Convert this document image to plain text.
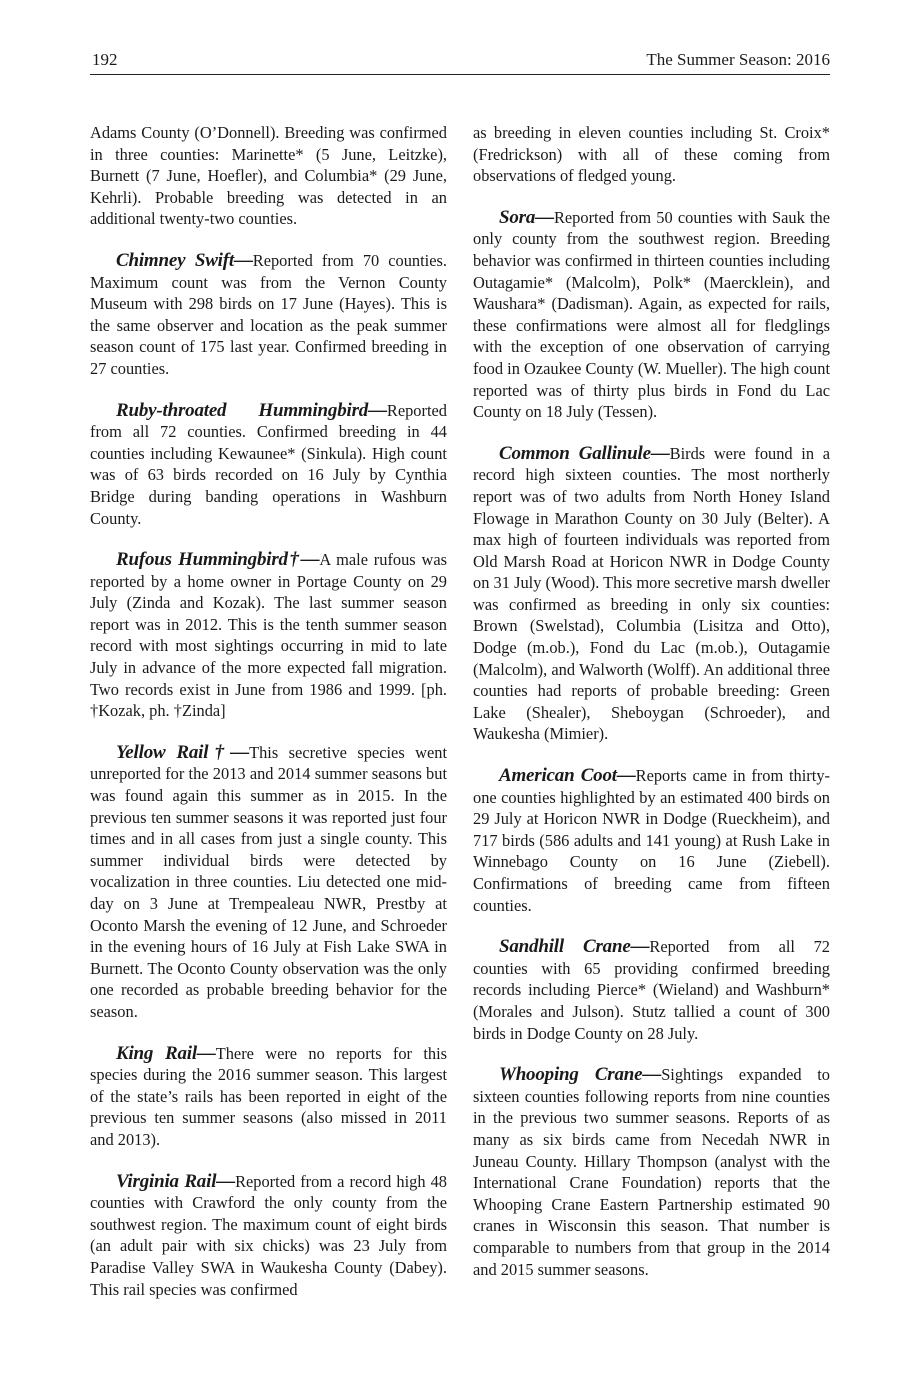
192	The Summer Season: 2016

Adams County (O’Donnell). Breeding was confirmed in three counties: Marinette* (5 June, Leitzke), Burnett (7 June, Hoefler), and Columbia* (29 June, Kehrli). Probable breeding was detected in an additional twenty-two counties.

Chimney Swift—Reported from 70 counties. Maximum count was from the Vernon County Museum with 298 birds on 17 June (Hayes). This is the same observer and location as the peak summer season count of 175 last year. Confirmed breeding in 27 counties.

Ruby-throated Hummingbird—Reported from all 72 counties. Confirmed breeding in 44 counties including Kewaunee* (Sinkula). High count was of 63 birds recorded on 16 July by Cynthia Bridge during banding operations in Washburn County.

Rufous Hummingbird†—A male rufous was reported by a home owner in Portage County on 29 July (Zinda and Kozak). The last summer season report was in 2012. This is the tenth summer season record with most sightings occurring in mid to late July in advance of the more expected fall migration. Two records exist in June from 1986 and 1999. [ph. †Kozak, ph. †Zinda]

Yellow Rail†—This secretive species went unreported for the 2013 and 2014 summer seasons but was found again this summer as in 2015. In the previous ten summer seasons it was reported just four times and in all cases from just a single county. This summer individual birds were detected by vocalization in three counties. Liu detected one mid-day on 3 June at Trempealeau NWR, Prestby at Oconto Marsh the evening of 12 June, and Schroeder in the evening hours of 16 July at Fish Lake SWA in Burnett. The Oconto County observation was the only one recorded as probable breeding behavior for the season.

King Rail—There were no reports for this species during the 2016 summer season. This largest of the state’s rails has been reported in eight of the previous ten summer seasons (also missed in 2011 and 2013).

Virginia Rail—Reported from a record high 48 counties with Crawford the only county from the southwest region. The maximum count of eight birds (an adult pair with six chicks) was 23 July from Paradise Valley SWA in Waukesha County (Dabey). This rail species was confirmed

as breeding in eleven counties including St. Croix* (Fredrickson) with all of these coming from observations of fledged young.

Sora—Reported from 50 counties with Sauk the only county from the southwest region. Breeding behavior was confirmed in thirteen counties including Outagamie* (Malcolm), Polk* (Maercklein), and Waushara* (Dadisman). Again, as expected for rails, these confirmations were almost all for fledglings with the exception of one observation of carrying food in Ozaukee County (W. Mueller). The high count reported was of thirty plus birds in Fond du Lac County on 18 July (Tessen).

Common Gallinule—Birds were found in a record high sixteen counties. The most northerly report was of two adults from North Honey Island Flowage in Marathon County on 30 July (Belter). A max high of fourteen individuals was reported from Old Marsh Road at Horicon NWR in Dodge County on 31 July (Wood). This more secretive marsh dweller was confirmed as breeding in only six counties: Brown (Swelstad), Columbia (Lisitza and Otto), Dodge (m.ob.), Fond du Lac (m.ob.), Outagamie (Malcolm), and Walworth (Wolff). An additional three counties had reports of probable breeding: Green Lake (Shealer), Sheboygan (Schroeder), and Waukesha (Mimier).

American Coot—Reports came in from thirty-one counties highlighted by an estimated 400 birds on 29 July at Horicon NWR in Dodge (Rueckheim), and 717 birds (586 adults and 141 young) at Rush Lake in Winnebago County on 16 June (Ziebell). Confirmations of breeding came from fifteen counties.

Sandhill Crane—Reported from all 72 counties with 65 providing confirmed breeding records including Pierce* (Wieland) and Washburn* (Morales and Julson). Stutz tallied a count of 300 birds in Dodge County on 28 July.

Whooping Crane—Sightings expanded to sixteen counties following reports from nine counties in the previous two summer seasons. Reports of as many as six birds came from Necedah NWR in Juneau County. Hillary Thompson (analyst with the International Crane Foundation) reports that the Whooping Crane Eastern Partnership estimated 90 cranes in Wisconsin this season. That number is comparable to numbers from that group in the 2014 and 2015 summer seasons.
